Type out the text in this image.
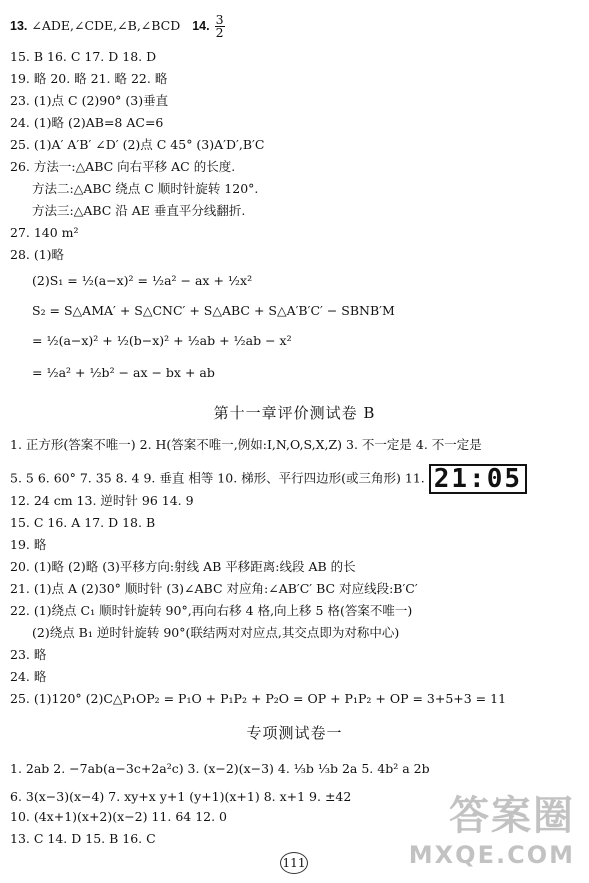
13. ∠ADE,∠CDE,∠B,∠BCD 14. $\frac{3}{2}$
15. B 16. C 17. D 18. D
19. 略 20. 略 21. 略 22. 略
23. (1)点 C (2)90° (3)垂直
24. (1)略 (2)AB=8 AC=6
25. (1)A′ A′B′ ∠D′ (2)点 C 45° (3)A′D′,B′C
26. 方法一:△ABC 向右平移 AC 的长度.
方法二:△ABC 绕点 C 顺时针旋转 120°.
方法三:△ABC 沿 AE 垂直平分线翻折.
27. 140 m²
28. (1)略
(2)S₁ = ½(a−x)² = ½a² − ax + ½x²
S₂ = S△AMA′ + S△CNC′ + S△ABC + S△A′B′C′ − SBNB′M
= ½(a−x)² + ½(b−x)² + ½ab + ½ab − x²
= ½a² + ½b² − ax − bx + ab
第十一章评价测试卷 B
1. 正方形(答案不唯一) 2. H(答案不唯一,例如:I,N,O,S,X,Z) 3. 不一定是 4. 不一定是
5. 5 6. 60° 7. 35 8. 4 9. 垂直 相等 10. 梯形、平行四边形(或三角形) 11. 21:05
12. 24 cm 13. 逆时针 96 14. 9
15. C 16. A 17. D 18. B
19. 略
20. (1)略 (2)略 (3)平移方向:射线 AB 平移距离:线段 AB 的长
21. (1)点 A (2)30° 顺时针 (3)∠ABC 对应角:∠AB′C′ BC 对应线段:B′C′
22. (1)绕点 C₁ 顺时针旋转 90°,再向右移 4 格,向上移 5 格(答案不唯一)
(2)绕点 B₁ 逆时针旋转 90°(联结两对对应点,其交点即为对称中心)
23. 略
24. 略
25. (1)120° (2)C△P₁OP₂ = P₁O + P₁P₂ + P₂O = OP + P₁P₂ + OP = 3+5+3 = 11
专项测试卷一
1. 2ab 2. −7ab(a−3c+2a²c) 3. (x−2)(x−3) 4. ⅓b ⅓b 2a 5. 4b² a 2b
6. 3(x−3)(x−4) 7. xy+x y+1 (y+1)(x+1) 8. x+1 9. ±42
10. (4x+1)(x+2)(x−2) 11. 64 12. 0
13. C 14. D 15. B 16. C
111
答案圈
MXQE.COM
